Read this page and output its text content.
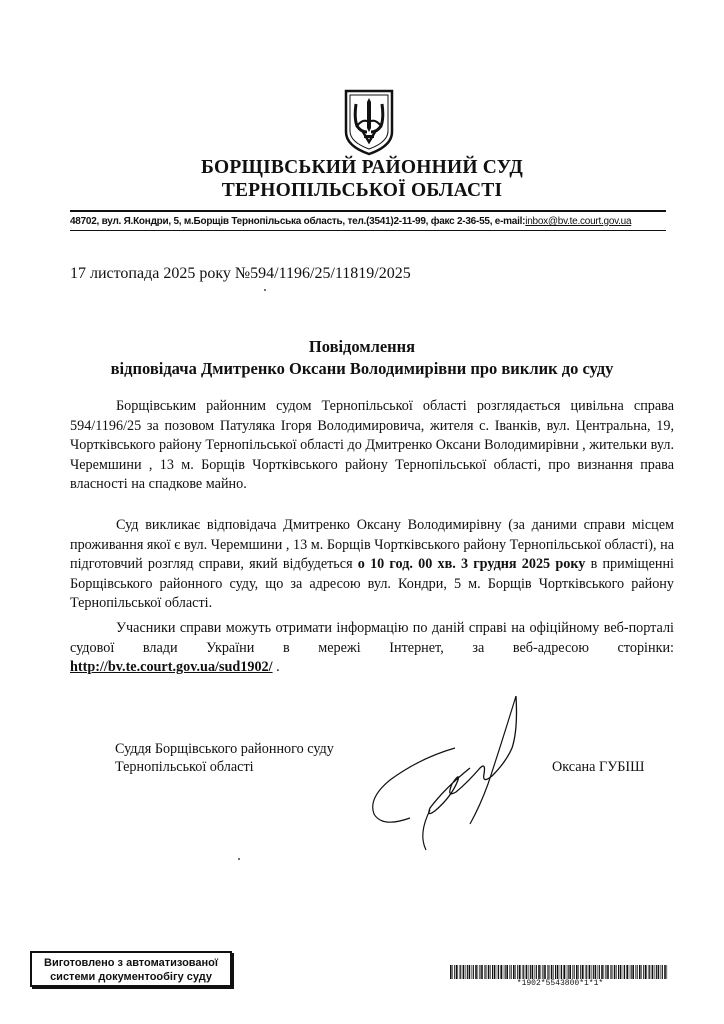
БОРЩІВСЬКИЙ РАЙОННИЙ СУД
ТЕРНОПІЛЬСЬКОЇ ОБЛАСТІ
48702, вул. Я.Кондри, 5, м.Борщів Тернопільська область, тел.(3541)2-11-99, факс 2-36-55, e-mail:inbox@bv.te.court.gov.ua
17 листопада 2025 року №594/1196/25/11819/2025
Повідомлення
відповідача Дмитренко Оксани Володимирівни про виклик до суду
Борщівським районним судом Тернопільської області розглядається цивільна справа 594/1196/25 за позовом Патуляка Ігоря Володимировича, жителя с. Іванків, вул. Центральна, 19, Чортківського району Тернопільської області до Дмитренко Оксани Володимирівни , жительки вул. Черемшини , 13 м. Борщів Чортківського району Тернопільської області, про визнання права власності на спадкове майно.
Суд викликає відповідача Дмитренко Оксану Володимирівну (за даними справи місцем проживання якої є вул. Черемшини , 13 м. Борщів Чортківського району Тернопільської області), на підготовчий розгляд справи, який відбудеться о 10 год. 00 хв. 3 грудня 2025 року в приміщенні Борщівського районного суду, що за адресою вул. Кондри, 5 м. Борщів Чортківського району Тернопільської області.
Учасники справи можуть отримати інформацію по даній справі на офіційному веб-порталі судової влади України в мережі Інтернет, за веб-адресою сторінки: http://bv.te.court.gov.ua/sud1902/ .
Суддя Борщівського районного суду
Тернопільської області	Оксана ГУБІШ
Виготовлено з автоматизованої
системи документообігу суду
*1902*5543800*1*1*
